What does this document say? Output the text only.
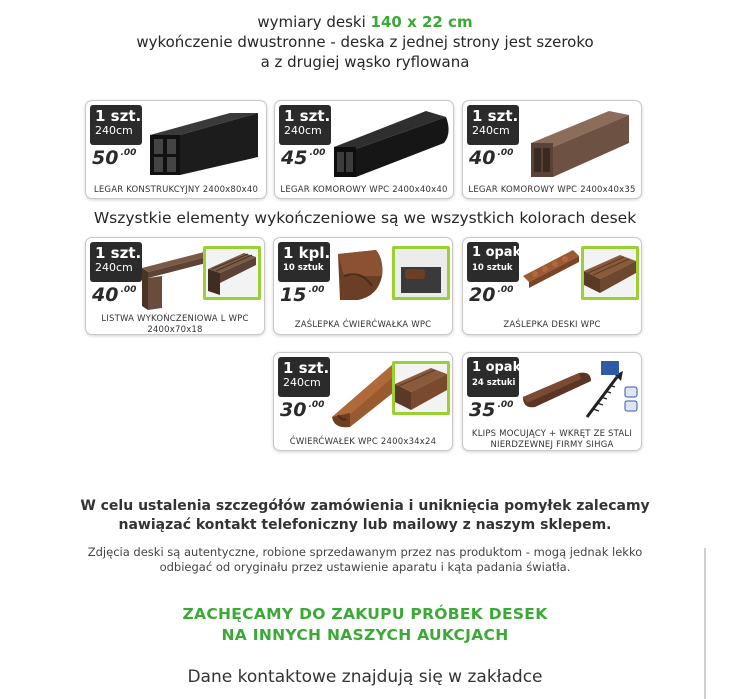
wymiary deski 140 x 22 cm
wykończenie dwustronne - deska z jednej strony jest szeroko
a z drugiej wąsko ryflowana
1 szt.
240cm
50 $^{.00}$
LEGAR KONSTRUKCYJNY 2400x80x40
1 szt.
240cm
45 $^{.00}$
LEGAR KOMOROWY WPC 2400x40x40
1 szt.
240cm
40 $^{.00}$
LEGAR KOMOROWY WPC 2400x40x35
Wszystkie elementy wykończeniowe są we wszystkich kolorach desek
1 szt.
240cm
40 $^{.00}$
LISTWA WYKOŃCZENIOWA L WPC
2400x70x18
1 kpl.
10 sztuk
15 $^{.00}$
ZAŚLEPKA ĆWIERĆWAŁKA WPC
1 opak.
10 sztuk
20 $^{.00}$
ZAŚLEPKA DESKI WPC
1 szt.
240cm
30 $^{.00}$
ĆWIERĆWAŁEK WPC 2400x34x24
1 opak.
24 sztuki
35 $^{.00}$
KLIPS MOCUJĄCY + WKRĘT ZE STALI
NIERDZEWNEJ FIRMY SIHGA
W celu ustalenia szczegółów zamówienia i uniknięcia pomyłek zalecamy
nawiązać kontakt telefoniczny lub mailowy z naszym sklepem.
Zdjęcia deski są autentyczne, robione sprzedawanym przez nas produktom - mogą jednak lekko
odbiegać od oryginału przez ustawienie aparatu i kąta padania światła.
ZACHĘCAMY DO ZAKUPU PRÓBEK DESEK
NA INNYCH NASZYCH AUKCJACH
Dane kontaktowe znajdują się w zakładce
